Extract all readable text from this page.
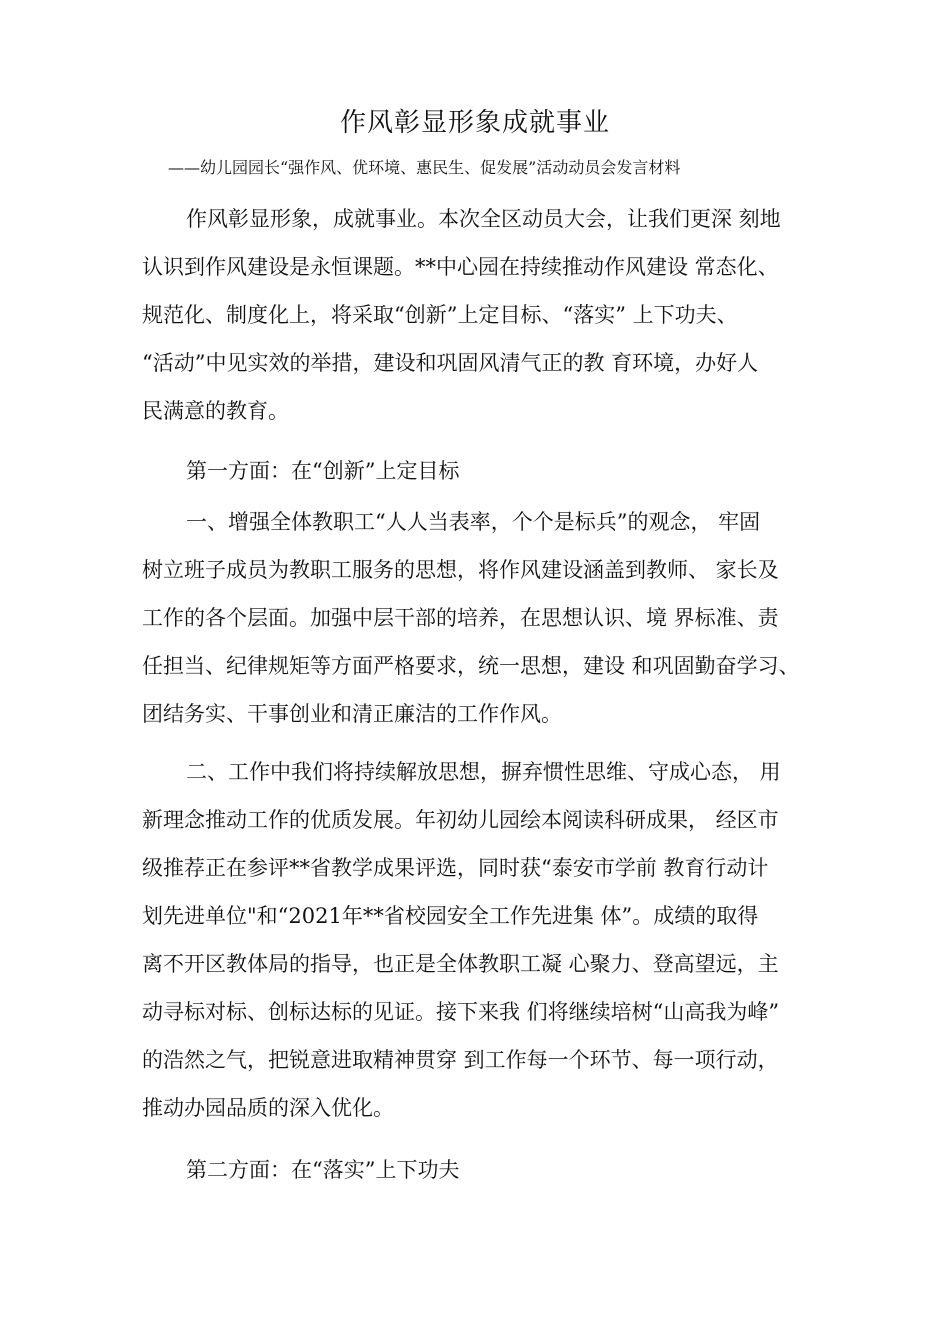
作风彰显形象成就事业

——幼儿园园长“强作风、优环境、惠民生、促发展”活动动员会发言材料

作风彰显形象，成就事业。本次全区动员大会，让我们更深 刻地
认识到作风建设是永恒课题。**中心园在持续推动作风建设 常态化、
规范化、制度化上，将采取“创新”上定目标、“落实” 上下功夫、
“活动”中见实效的举措，建设和巩固风清气正的教 育环境，办好人
民满意的教育。

第一方面：在“创新”上定目标

一、增强全体教职工“人人当表率，个个是标兵”的观念， 牢固
树立班子成员为教职工服务的思想，将作风建设涵盖到教师、 家长及
工作的各个层面。加强中层干部的培养，在思想认识、境 界标准、责
任担当、纪律规矩等方面严格要求，统一思想，建设 和巩固勤奋学习、
团结务实、干事创业和清正廉洁的工作作风。
二、工作中我们将持续解放思想，摒弃惯性思维、守成心态， 用
新理念推动工作的优质发展。年初幼儿园绘本阅读科研成果， 经区市
级推荐正在参评**省教学成果评选，同时获“泰安市学前 教育行动计
划先进单位"和“2021年**省校园安全工作先进集 体”。成绩的取得
离不开区教体局的指导，也正是全体教职工凝 心聚力、登高望远，主
动寻标对标、创标达标的见证。接下来我 们将继续培树“山高我为峰”
的浩然之气，把锐意进取精神贯穿 到工作每一个环节、每一项行动，
推动办园品质的深入优化。

第二方面：在“落实”上下功夫
